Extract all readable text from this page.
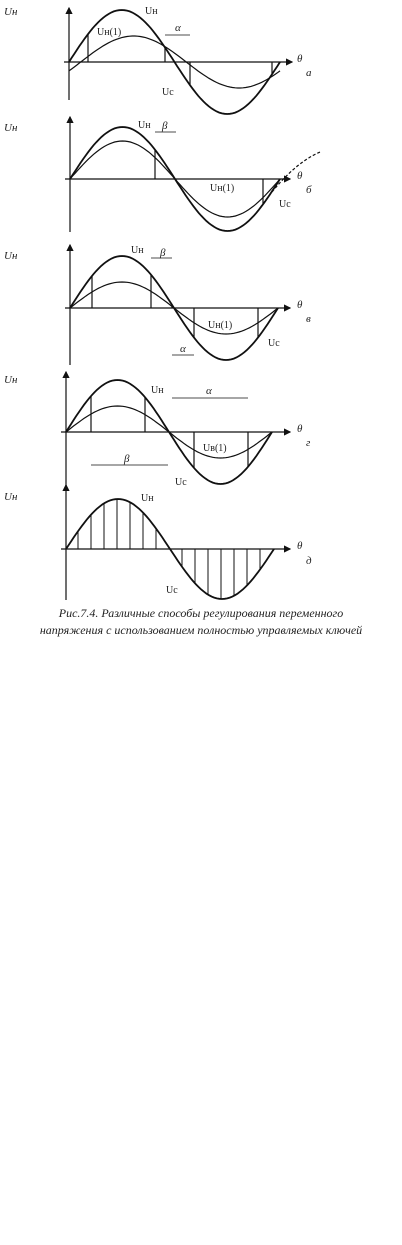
Uн	Uн
Uн(1)	α
Uс
θ
а
Uн	Uн β
Uн(1)
Uс
θ
б
Uн	Uн β
Uн(1)
Uс
α
θ
в
Uн
Uн	α
Uв(1)
Uс
β
θ
г
Uн	Uн
Uс
θ
д
Рис.7.4. Различные способы регулирования переменного
напряжения с использованием полностью управляемых ключей
